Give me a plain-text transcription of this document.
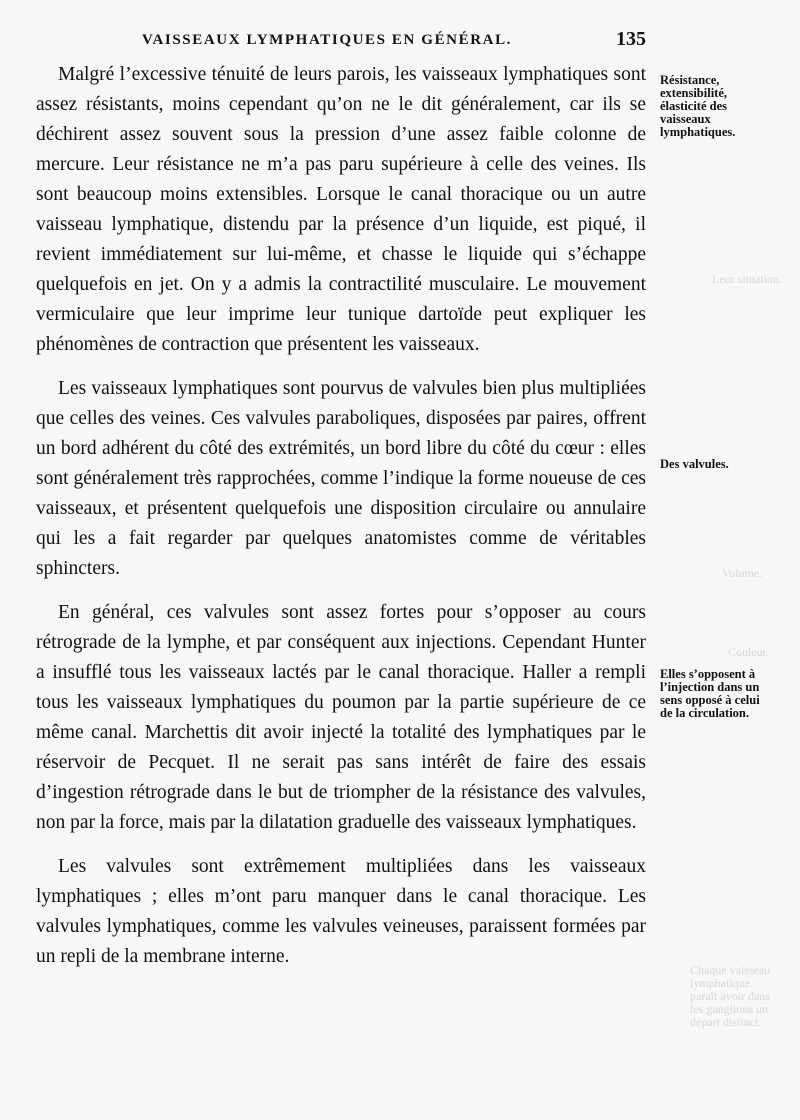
VAISSEAUX LYMPHATIQUES EN GÉNÉRAL.	135

Malgré l’excessive ténuité de leurs parois, les vaisseaux lymphatiques sont assez résistants, moins cependant qu’on ne le dit généralement, car ils se déchirent assez souvent sous la pression d’une assez faible colonne de mercure. Leur résistance ne m’a pas paru supérieure à celle des veines. Ils sont beaucoup moins extensibles. Lorsque le canal thoracique ou un autre vaisseau lymphatique, distendu par la présence d’un liquide, est piqué, il revient immédiatement sur lui-même, et chasse le liquide qui s’échappe quelquefois en jet. On y a admis la contractilité musculaire. Le mouvement vermiculaire que leur imprime leur tunique dartoïde peut expliquer les phénomènes de contraction que présentent les vaisseaux.

Les vaisseaux lymphatiques sont pourvus de valvules bien plus multipliées que celles des veines. Ces valvules paraboliques, disposées par paires, offrent un bord adhérent du côté des extrémités, un bord libre du côté du cœur : elles sont généralement très rapprochées, comme l’indique la forme noueuse de ces vaisseaux, et présentent quelquefois une disposition circulaire ou annulaire qui les a fait regarder par quelques anatomistes comme de véritables sphincters.

En général, ces valvules sont assez fortes pour s’opposer au cours rétrograde de la lymphe, et par conséquent aux injections. Cependant Hunter a insufflé tous les vaisseaux lactés par le canal thoracique. Haller a rempli tous les vaisseaux lymphatiques du poumon par la partie supérieure de ce même canal. Marchettis dit avoir injecté la totalité des lymphatiques par le réservoir de Pecquet. Il ne serait pas sans intérêt de faire des essais d’ingestion rétrograde dans le but de triompher de la résistance des valvules, non par la force, mais par la dilatation graduelle des vaisseaux lymphatiques.

Les valvules sont extrêmement multipliées dans les vaisseaux lymphatiques ; elles m’ont paru manquer dans le canal thoracique. Les valvules lymphatiques, comme les valvules veineuses, paraissent formées par un repli de la membrane interne.

Résistance, extensibilité, élasticité des vaisseaux lymphatiques.
Des valvules.
Elles s’opposent à l’injection dans un sens opposé à celui de la circulation.
Leur situation.
Volume.
Couleur.
Chaque vaisseau lymphatique paraît avoir dans les ganglions un départ distinct.
